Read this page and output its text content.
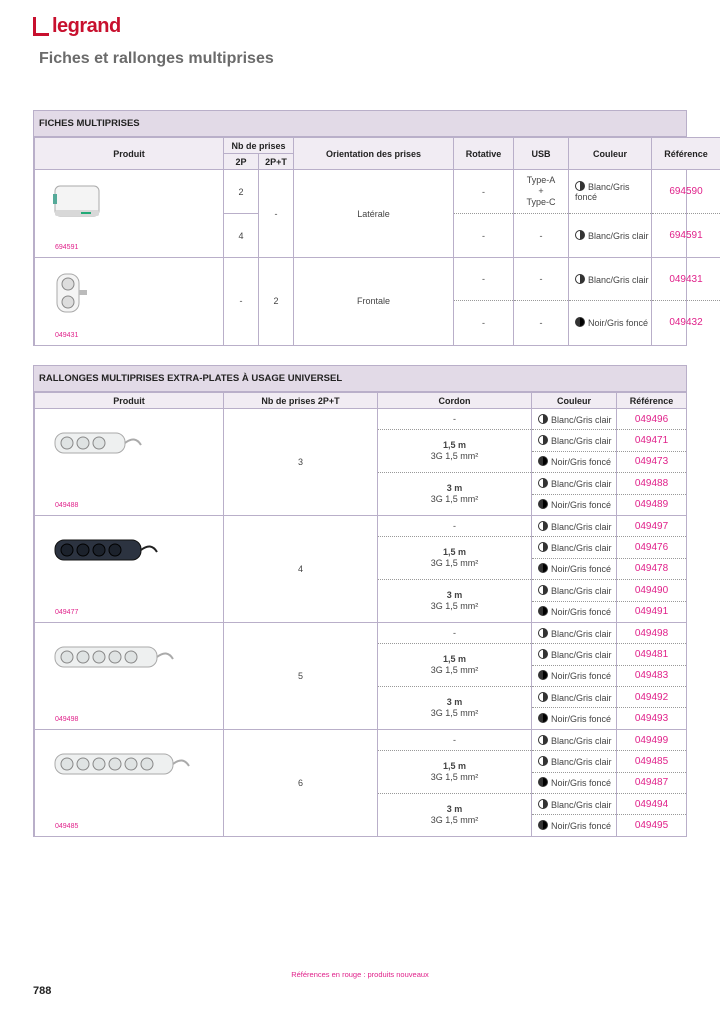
legrand
Fiches et rallonges multiprises
FICHES MULTIPRISES
Produit	Nb de prises		Orientation des prises	Rotative	USB	Couleur	Référence
	2P	2P+T					

694591	2	-	Latérale	-	Type-A
+
Type-C	Blanc/Gris foncé	694590
	4			-	-	Blanc/Gris clair	694591

049431	-	2	Frontale	-	-	Blanc/Gris clair	049431
				-	-	Noir/Gris foncé	049432
RALLONGES MULTIPRISES EXTRA-PLATES À USAGE UNIVERSEL
Produit	Nb de prises 2P+T	Cordon	Couleur	Référence

049488	3	-	Blanc/Gris clair	049496
		1,5 m
3G 1,5 mm²	Blanc/Gris clair	049471
			Noir/Gris foncé	049473
		3 m
3G 1,5 mm²	Blanc/Gris clair	049488
			Noir/Gris foncé	049489

049477	4	-	Blanc/Gris clair	049497
		1,5 m
3G 1,5 mm²	Blanc/Gris clair	049476
			Noir/Gris foncé	049478
		3 m
3G 1,5 mm²	Blanc/Gris clair	049490
			Noir/Gris foncé	049491

049498	5	-	Blanc/Gris clair	049498
		1,5 m
3G 1,5 mm²	Blanc/Gris clair	049481
			Noir/Gris foncé	049483
		3 m
3G 1,5 mm²	Blanc/Gris clair	049492
			Noir/Gris foncé	049493

049485	6	-	Blanc/Gris clair	049499
		1,5 m
3G 1,5 mm²	Blanc/Gris clair	049485
			Noir/Gris foncé	049487
		3 m
3G 1,5 mm²	Blanc/Gris clair	049494
			Noir/Gris foncé	049495
Références en rouge : produits nouveaux
788
